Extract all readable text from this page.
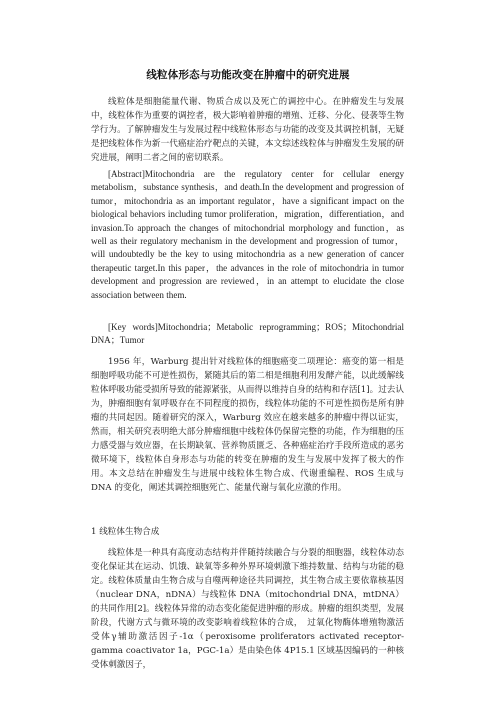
线粒体形态与功能改变在肿瘤中的研究进展

线粒体是细胞能量代谢、物质合成以及死亡的调控中心。在肿瘤发生与发展中，线粒体作为重要的调控者，极大影响着肿瘤的增殖、迁移、分化、侵袭等生物学行为。了解肿瘤发生与发展过程中线粒体形态与功能的改变及其调控机制，无疑是把线粒体作为新一代癌症治疗靶点的关键，本文综述线粒体与肿瘤发生发展的研究进展，阐明二者之间的密切联系。

[Abstract]Mitochondria are the regulatory center for cellular energy metabolism，substance synthesis，and death.In the development and progression of tumor，mitochondria as an important regulator，have a significant impact on the biological behaviors including tumor proliferation，migration，differentiation，and invasion.To approach the changes of mitochondrial morphology and function，as well as their regulatory mechanism in the development and progression of tumor，will undoubtedly be the key to using mitochondria as a new generation of cancer therapeutic target.In this paper，the advances in the role of mitochondria in tumor development and progression are reviewed，in an attempt to elucidate the close association between them.

[Key words]Mitochondria；Metabolic reprogramming；ROS；Mitochondrial DNA；Tumor

1956 年，Warburg 提出针对线粒体的细胞癌变二项理论：癌变的第一相是细胞呼吸功能不可逆性损伤，紧随其后的第二相是细胞利用发酵产能，以此缓解线粒体呼吸功能受损所导致的能源紧张，从而得以维持自身的结构和存活[1]。过去认为，肿瘤细胞有氧呼吸存在不同程度的损伤，线粒体功能的不可逆性损伤是所有肿瘤的共同起因。随着研究的深入，Warburg 效应在越来越多的肿瘤中得以证实，然而，相关研究表明绝大部分肿瘤细胞中线粒体仍保留完整的功能，作为细胞的压力感受器与效应器，在长期缺氧、营养物质匮乏、各种癌症治疗手段所造成的恶劣微环境下，线粒体自身形态与功能的转变在肿瘤的发生与发展中发挥了极大的作用。本文总结在肿瘤发生与进展中线粒体生物合成、代谢重编程、ROS 生成与 DNA 的变化，阐述其调控细胞死亡、能量代谢与氧化应激的作用。

1 线粒体生物合成

线粒体是一种具有高度动态结构并伴随持续融合与分裂的细胞器，线粒体动态变化保证其在运动、饥饿、缺氧等多种外界环境刺激下维持数量、结构与功能的稳定。线粒体质量由生物合成与自噬两种途径共同调控，其生物合成主要依靠核基因（nuclear DNA，nDNA）与线粒体 DNA（mitochondrial DNA，mtDNA）的共同作用[2]。线粒体异常的动态变化能促进肿瘤的形成。肿瘤的组织类型，发展阶段，代谢方式与微环境的改变影响着线粒体的合成，　过氧化物酶体增殖物激活受体γ辅助激活因子-1α（peroxisome proliferators activated receptor-gamma coactivator 1a，PGC-1a）是由染色体 4P15.1 区域基因编码的一种核受体刺激因子，
